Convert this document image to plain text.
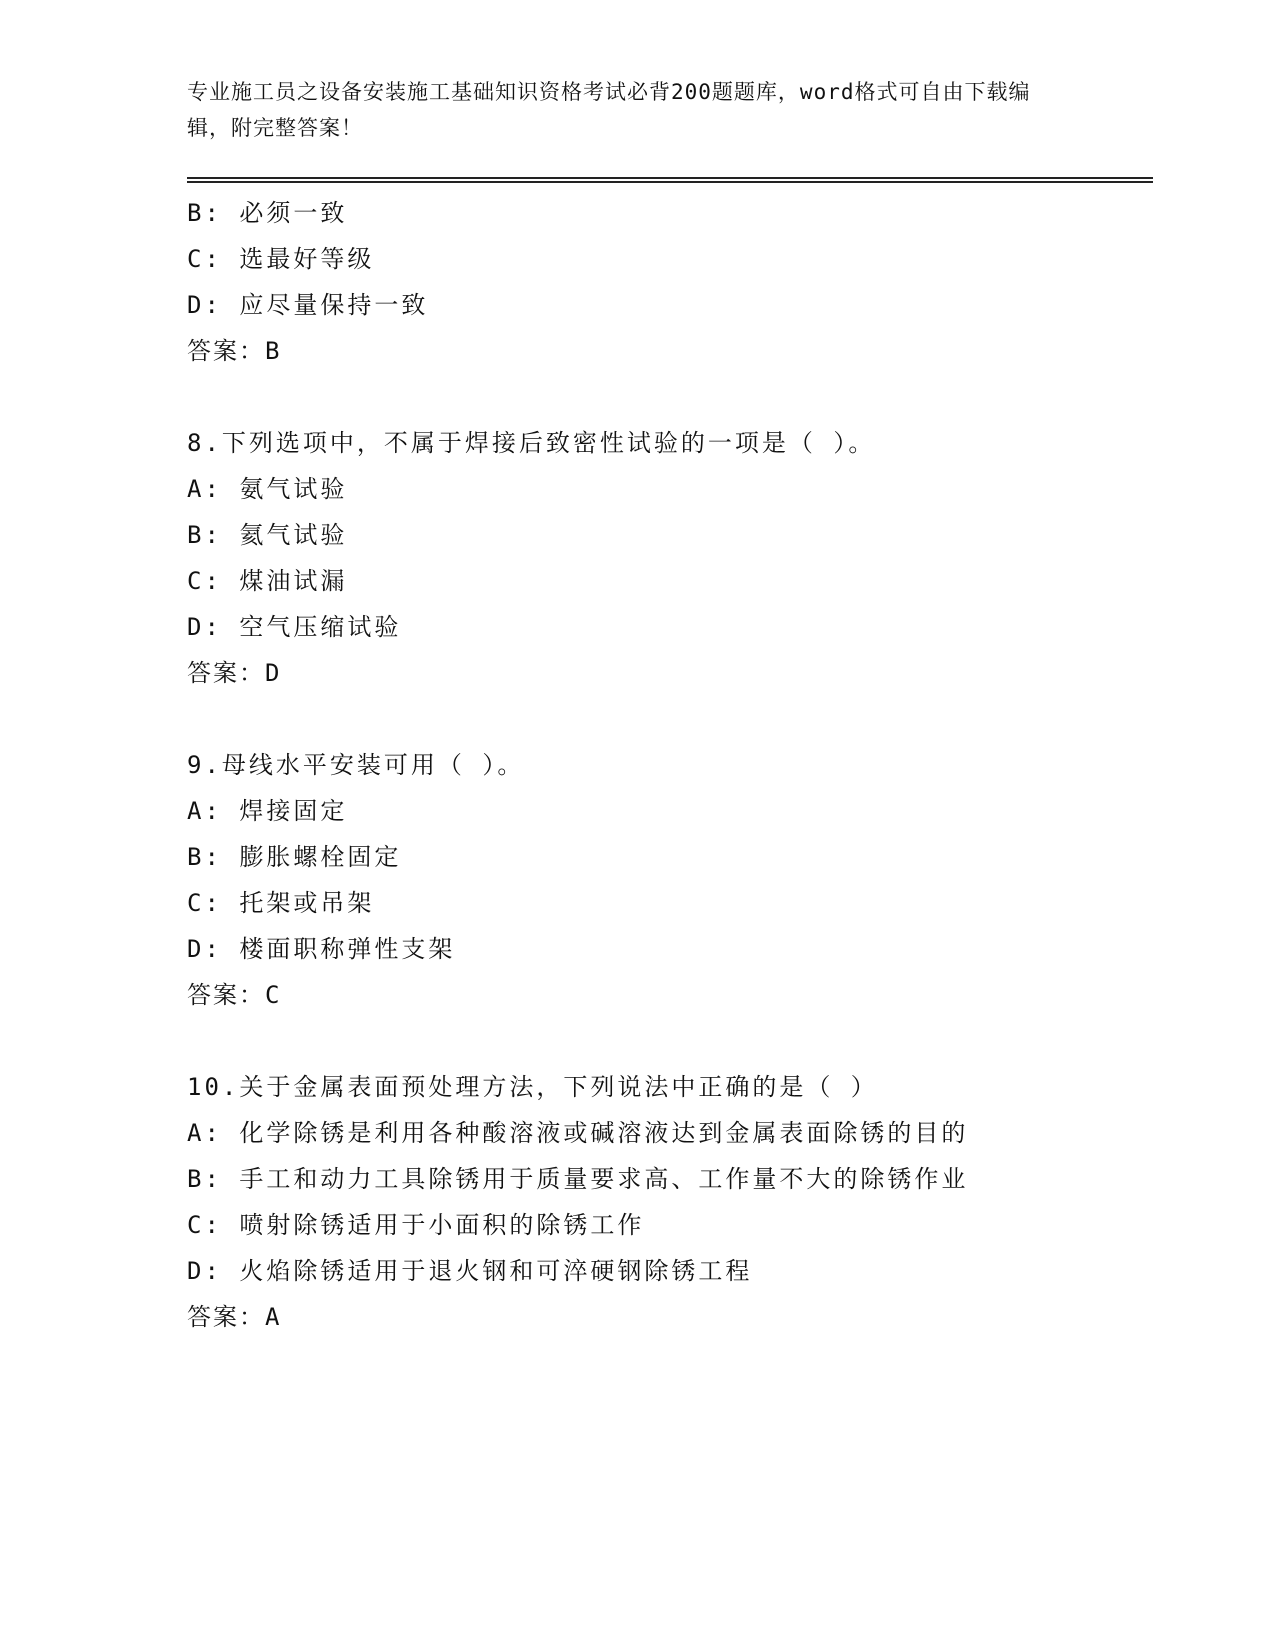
专业施工员之设备安装施工基础知识资格考试必背200题题库，word格式可自由下载编辑，附完整答案！
B: 必须一致
C: 选最好等级
D: 应尽量保持一致
答案：B
8.下列选项中，不属于焊接后致密性试验的一项是（ ）。
A: 氨气试验
B: 氦气试验
C: 煤油试漏
D: 空气压缩试验
答案：D
9.母线水平安装可用（ ）。
A: 焊接固定
B: 膨胀螺栓固定
C: 托架或吊架
D: 楼面职称弹性支架
答案：C
10.关于金属表面预处理方法，下列说法中正确的是（ ）
A: 化学除锈是利用各种酸溶液或碱溶液达到金属表面除锈的目的
B: 手工和动力工具除锈用于质量要求高、工作量不大的除锈作业
C: 喷射除锈适用于小面积的除锈工作
D: 火焰除锈适用于退火钢和可淬硬钢除锈工程
答案：A
